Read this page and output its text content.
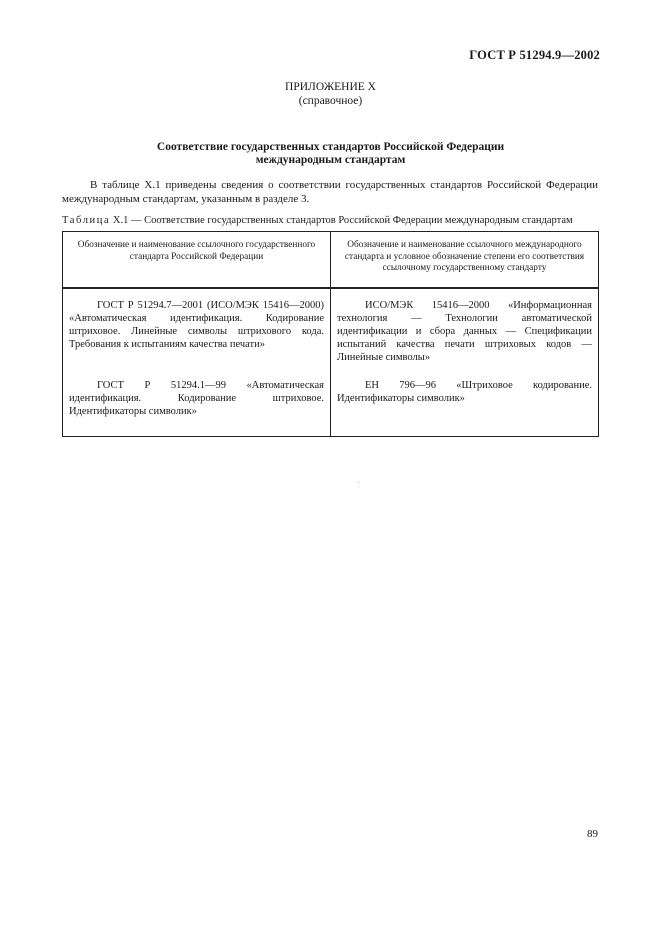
ГОСТ Р 51294.9—2002
ПРИЛОЖЕНИЕ X
(справочное)
Соответствие государственных стандартов Российской Федерации
международным стандартам

В таблице X.1 приведены сведения о соответствии государственных стандартов Российской Федерации международным стандартам, указанным в разделе 3.

Таблица X.1 — Соответствие государственных стандартов Российской Федерации международным стандартам
Обозначение и наименование ссылочного государственного стандарта Российской Федерации	Обозначение и наименование ссылочного международного стандарта и условное обозначение степени его соответствия ссылочному государственному стандарту
ГОСТ Р 51294.7—2001 (ИСО/МЭК 15416—2000) «Автоматическая идентификация. Кодирование штриховое. Линейные символы штрихового кода. Требования к испытаниям качества печати»	ИСО/МЭК 15416—2000 «Информационная технология — Технологии автоматической идентификации и сбора данных — Спецификации испытаний качества печати штриховых кодов — Линейные символы»
ГОСТ Р 51294.1—99 «Автоматическая идентификация. Кодирование штриховое. Идентификаторы символик»	ЕН 796—96 «Штриховое кодирование. Идентификаторы символик»
89
